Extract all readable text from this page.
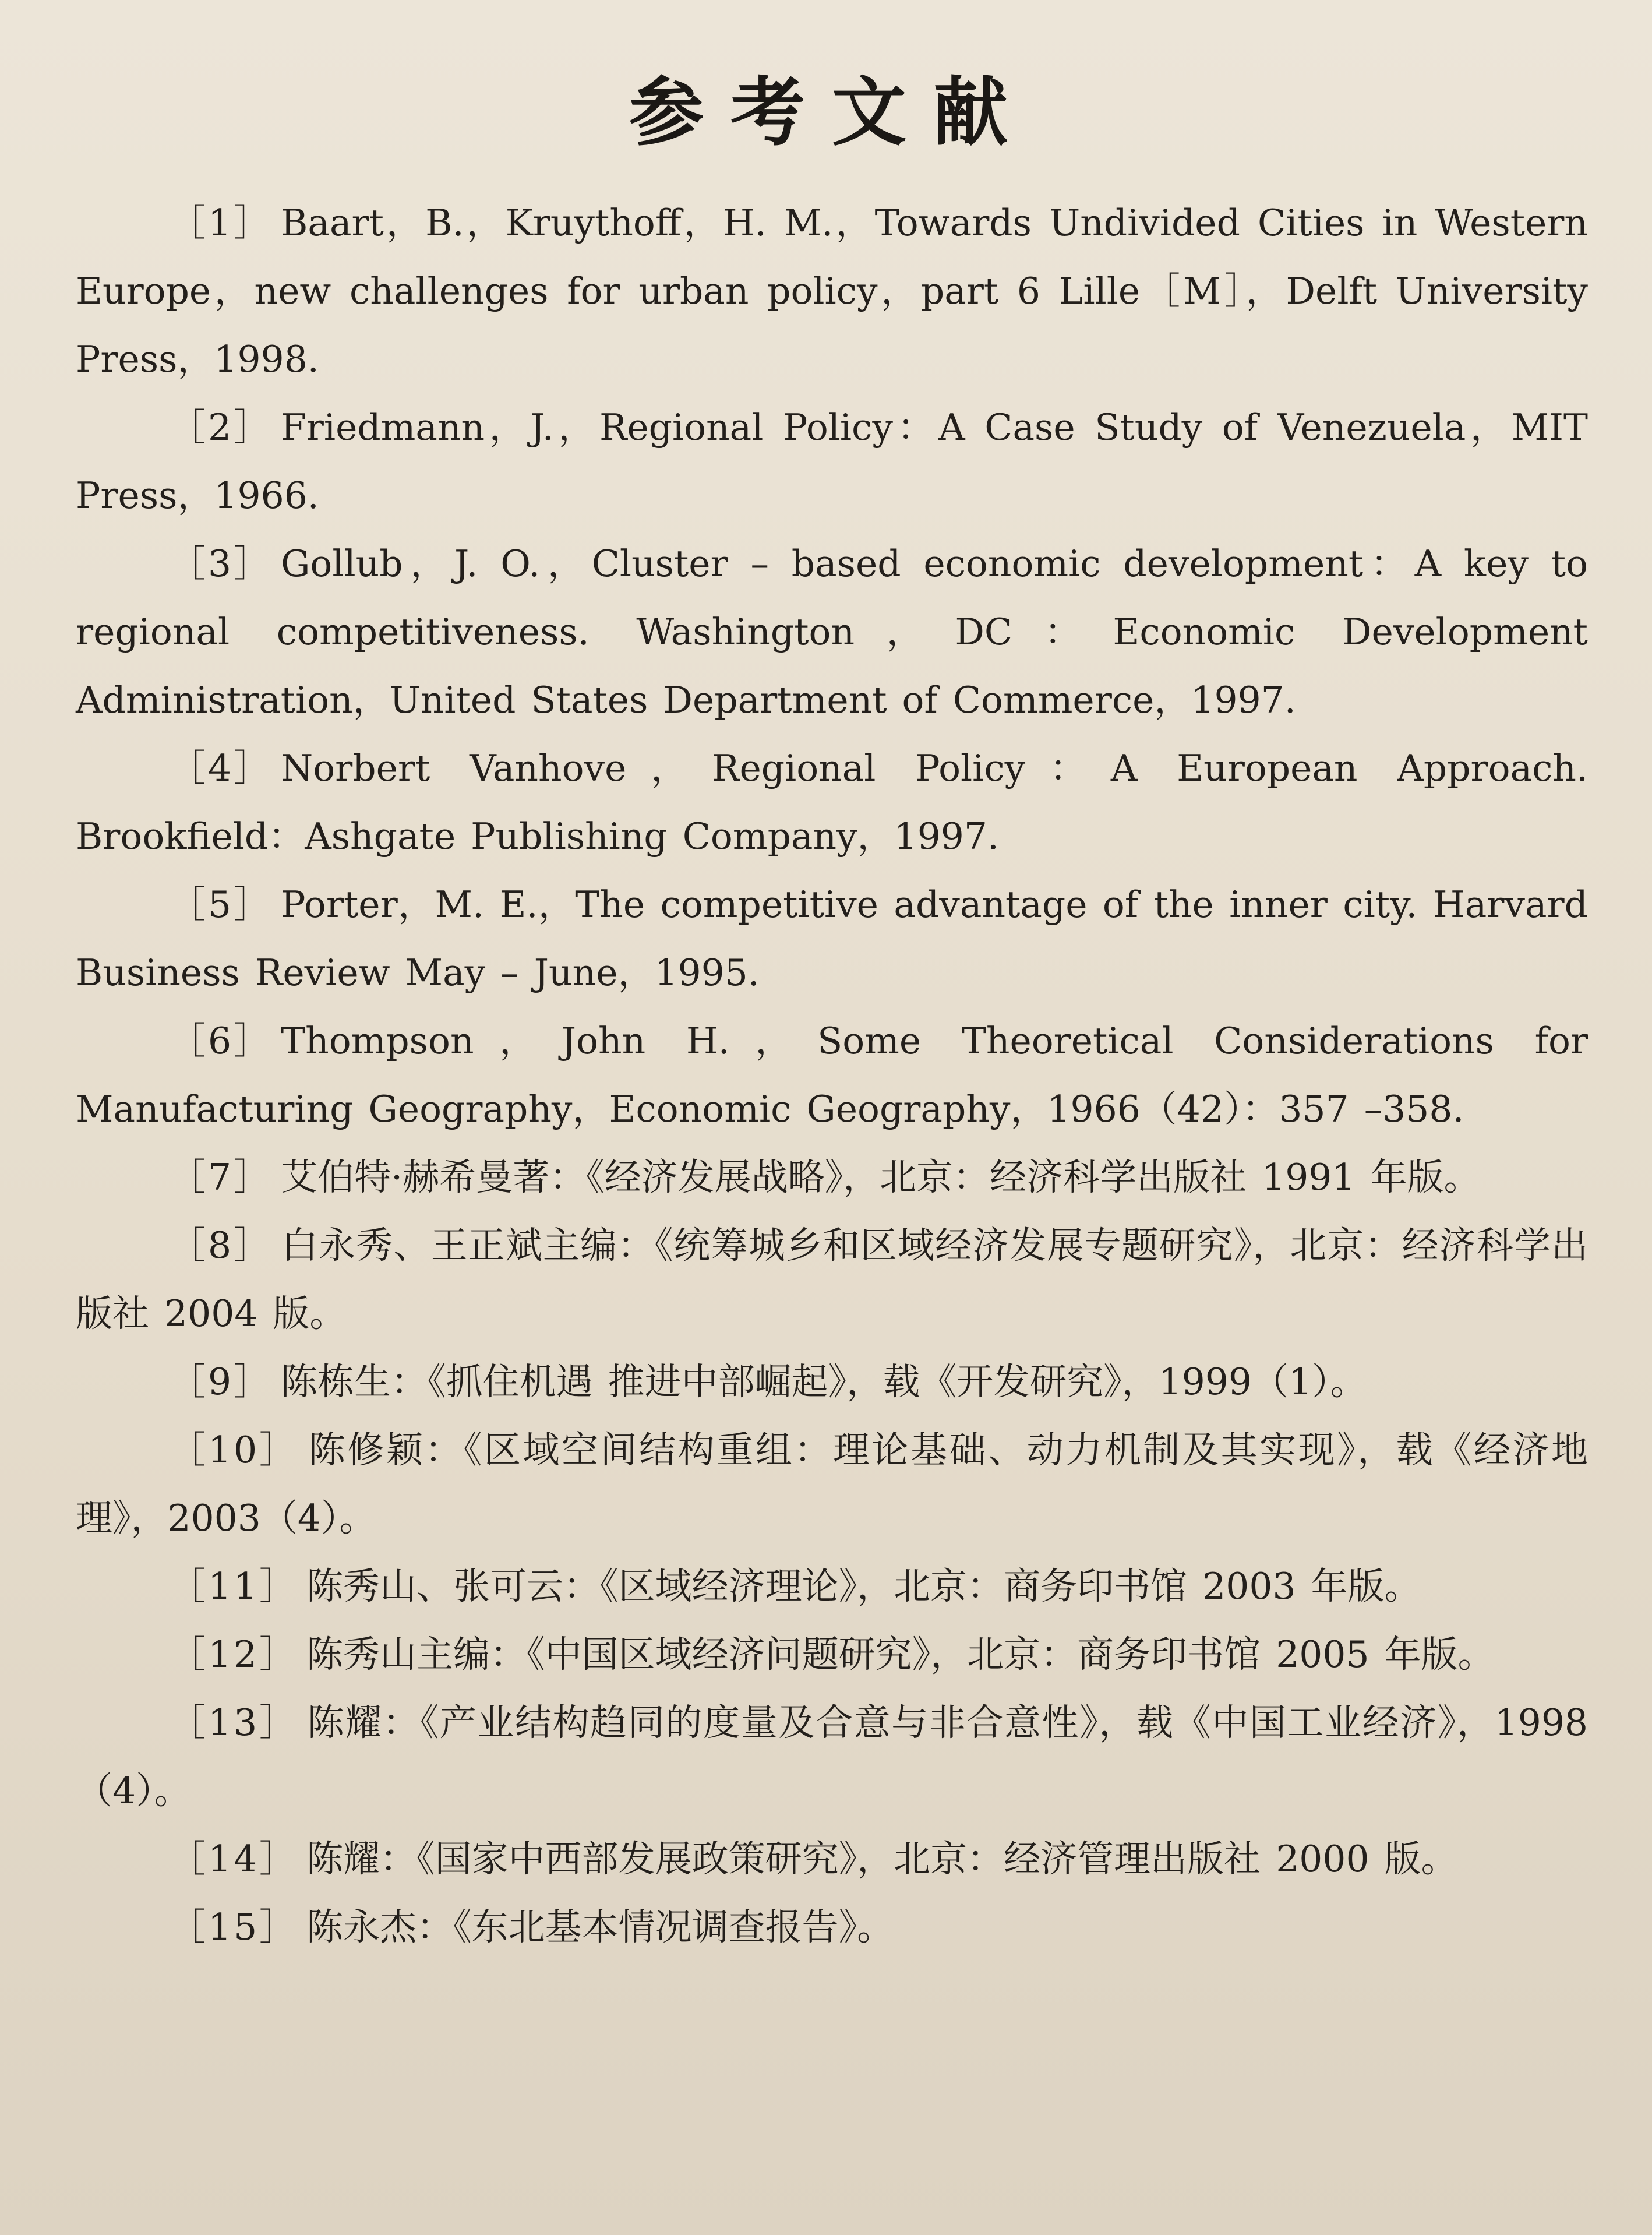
参考文献
［1］ Baart，B.，Kruythoff，H. M.，Towards Undivided Cities in Western Europe，new challenges for urban policy，part 6 Lille［M］，Delft University Press，1998.
［2］ Friedmann，J.，Regional Policy：A Case Study of Venezuela，MIT Press，1966.
［3］ Gollub，J. O.，Cluster – based economic development：A key to regional competitiveness. Washington，DC：Economic Development Administration，United States Department of Commerce，1997.
［4］ Norbert Vanhove，Regional Policy：A European Approach. Brookfield：Ashgate Publishing Company，1997.
［5］ Porter，M. E.，The competitive advantage of the inner city. Harvard Business Review May – June，1995.
［6］ Thompson，John H.，Some Theoretical Considerations for Manufacturing Geography，Economic Geography，1966（42）：357 –358.
［7］ 艾伯特·赫希曼著：《经济发展战略》，北京：经济科学出版社 1991 年版。
［8］ 白永秀、王正斌主编：《统筹城乡和区域经济发展专题研究》，北京：经济科学出版社 2004 版。
［9］ 陈栋生：《抓住机遇 推进中部崛起》，载《开发研究》，1999（1）。
［10］ 陈修颖：《区域空间结构重组：理论基础、动力机制及其实现》，载《经济地理》，2003（4）。
［11］ 陈秀山、张可云：《区域经济理论》，北京：商务印书馆 2003 年版。
［12］ 陈秀山主编：《中国区域经济问题研究》，北京：商务印书馆 2005 年版。
［13］ 陈耀：《产业结构趋同的度量及合意与非合意性》，载《中国工业经济》，1998（4）。
［14］ 陈耀：《国家中西部发展政策研究》，北京：经济管理出版社 2000 版。
［15］ 陈永杰：《东北基本情况调查报告》。
